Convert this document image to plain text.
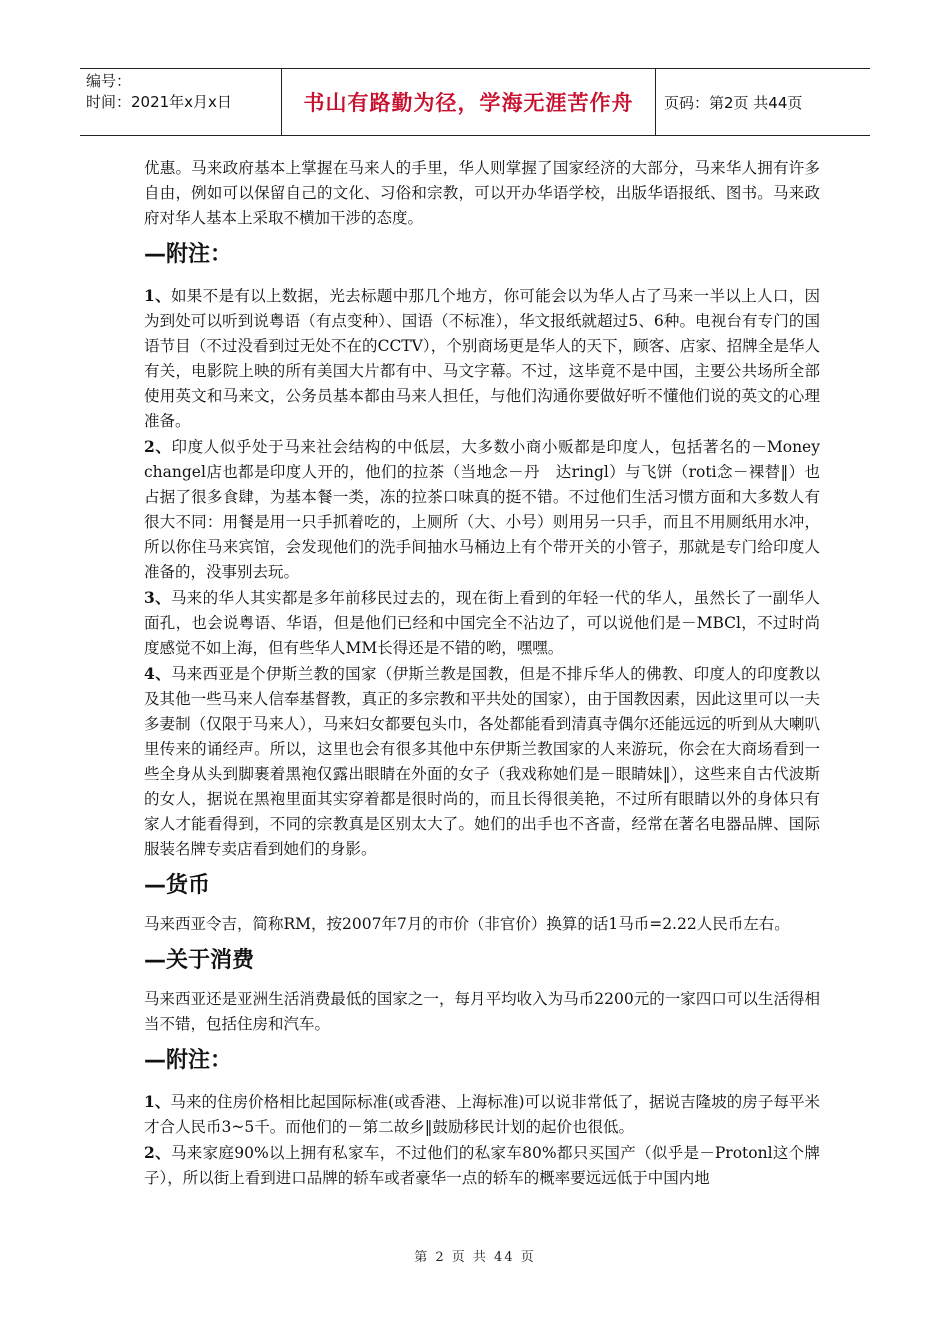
编号：
时间：2021年x月x日	书山有路勤为径，学海无涯苦作舟	页码：第2页 共44页

优惠。马来政府基本上掌握在马来人的手里，华人则掌握了国家经济的大部分，马来华人拥有许多自由，例如可以保留自己的文化、习俗和宗教，可以开办华语学校，出版华语报纸、图书。马来政府对华人基本上采取不横加干涉的态度。

—附注：

1、如果不是有以上数据，光去标题中那几个地方，你可能会以为华人占了马来一半以上人口，因为到处可以听到说粤语（有点变种）、国语（不标准），华文报纸就超过5、6种。电视台有专门的国语节目（不过没看到过无处不在的CCTV），个别商场更是华人的天下，顾客、店家、招牌全是华人有关，电影院上映的所有美国大片都有中、马文字幕。不过，这毕竟不是中国，主要公共场所全部使用英文和马来文，公务员基本都由马来人担任，与他们沟通你要做好听不懂他们说的英文的心理准备。

2、印度人似乎处于马来社会结构的中低层，大多数小商小贩都是印度人，包括著名的－Money changel店也都是印度人开的，他们的拉茶（当地念－丹　达ringl）与飞饼（roti念－裸替‖）也占据了很多食肆，为基本餐一类，冻的拉茶口味真的挺不错。不过他们生活习惯方面和大多数人有很大不同：用餐是用一只手抓着吃的，上厕所（大、小号）则用另一只手，而且不用厕纸用水冲，所以你住马来宾馆，会发现他们的洗手间抽水马桶边上有个带开关的小管子，那就是专门给印度人准备的，没事别去玩。

3、马来的华人其实都是多年前移民过去的，现在街上看到的年轻一代的华人，虽然长了一副华人面孔，也会说粤语、华语，但是他们已经和中国完全不沾边了，可以说他们是－MBCl，不过时尚度感觉不如上海，但有些华人MM长得还是不错的哟，嘿嘿。

4、马来西亚是个伊斯兰教的国家（伊斯兰教是国教，但是不排斥华人的佛教、印度人的印度教以及其他一些马来人信奉基督教，真正的多宗教和平共处的国家），由于国教因素，因此这里可以一夫多妻制（仅限于马来人），马来妇女都要包头巾，各处都能看到清真寺偶尔还能远远的听到从大喇叭里传来的诵经声。所以，这里也会有很多其他中东伊斯兰教国家的人来游玩，你会在大商场看到一些全身从头到脚裹着黑袍仅露出眼睛在外面的女子（我戏称她们是－眼睛妹‖），这些来自古代波斯的女人，据说在黑袍里面其实穿着都是很时尚的，而且长得很美艳，不过所有眼睛以外的身体只有家人才能看得到，不同的宗教真是区别太大了。她们的出手也不吝啬，经常在著名电器品牌、国际服装名牌专卖店看到她们的身影。

—货币

马来西亚令吉，简称RM，按2007年7月的市价（非官价）换算的话1马币=2.22人民币左右。

—关于消费

马来西亚还是亚洲生活消费最低的国家之一，每月平均收入为马币2200元的一家四口可以生活得相当不错，包括住房和汽车。

—附注：

1、马来的住房价格相比起国际标准(或香港、上海标准)可以说非常低了，据说吉隆坡的房子每平米才合人民币3~5千。而他们的－第二故乡‖鼓励移民计划的起价也很低。

2、马来家庭90%以上拥有私家车，不过他们的私家车80%都只买国产（似乎是－Protonl这个牌子），所以街上看到进口品牌的轿车或者豪华一点的轿车的概率要远远低于中国内地

第 2 页 共 44 页
